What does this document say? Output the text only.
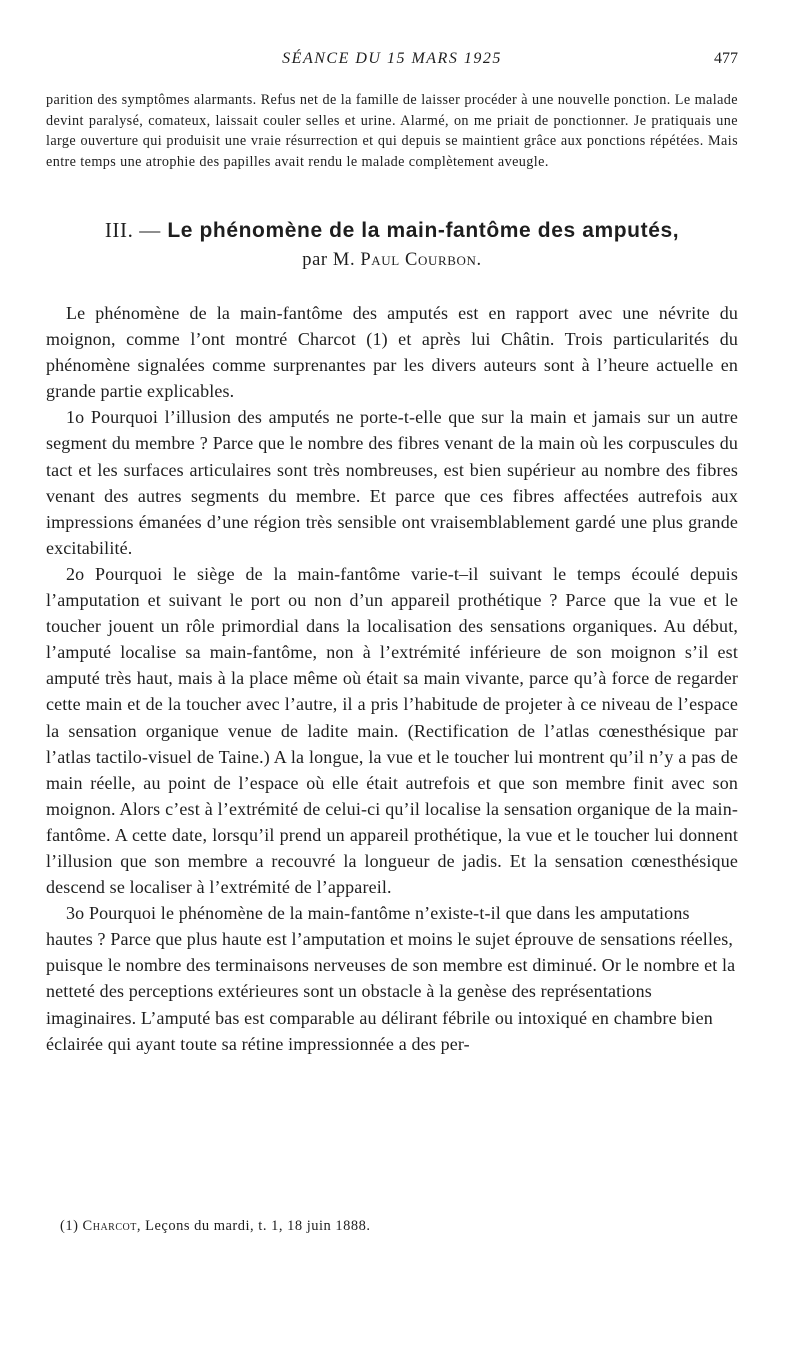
SÉANCE DU 15 MARS 1925	477

parition des symptômes alarmants. Refus net de la famille de laisser procéder à une nouvelle ponction. Le malade devint paralysé, comateux, laissait couler selles et urine. Alarmé, on me priait de ponctionner. Je pratiquais une large ouverture qui produisit une vraie résurrection et qui depuis se maintient grâce aux ponctions répétées. Mais entre temps une atrophie des papilles avait rendu le malade complètement aveugle.

III. — Le phénomène de la main-fantôme des amputés,
par M. Paul Courbon.

Le phénomène de la main-fantôme des amputés est en rapport avec une névrite du moignon, comme l’ont montré Charcot (1) et après lui Châtin. Trois particularités du phénomène signalées comme surprenantes par les divers auteurs sont à l’heure actuelle en grande partie explicables.

1o Pourquoi l’illusion des amputés ne porte-t-elle que sur la main et jamais sur un autre segment du membre ? Parce que le nombre des fibres venant de la main où les corpuscules du tact et les surfaces articulaires sont très nombreuses, est bien supérieur au nombre des fibres venant des autres segments du membre. Et parce que ces fibres affectées autrefois aux impressions émanées d’une région très sensible ont vraisemblablement gardé une plus grande excitabilité.

2o Pourquoi le siège de la main-fantôme varie-t–il suivant le temps écoulé depuis l’amputation et suivant le port ou non d’un appareil prothétique ? Parce que la vue et le toucher jouent un rôle primordial dans la localisation des sensations organiques. Au début, l’amputé localise sa main-fantôme, non à l’extrémité inférieure de son moignon s’il est amputé très haut, mais à la place même où était sa main vivante, parce qu’à force de regarder cette main et de la toucher avec l’autre, il a pris l’habitude de projeter à ce niveau de l’espace la sensation organique venue de ladite main. (Rectification de l’atlas cœnesthésique par l’atlas tactilo-visuel de Taine.) A la longue, la vue et le toucher lui montrent qu’il n’y a pas de main réelle, au point de l’espace où elle était autrefois et que son membre finit avec son moignon. Alors c’est à l’extrémité de celui-ci qu’il localise la sensation organique de la main-fantôme. A cette date, lorsqu’il prend un appareil prothétique, la vue et le toucher lui donnent l’illusion que son membre a recouvré la longueur de jadis. Et la sensation cœnesthésique descend se localiser à l’extrémité de l’appareil.

3o Pourquoi le phénomène de la main-fantôme n’existe-t-il que dans les amputations hautes ? Parce que plus haute est l’amputation et moins le sujet éprouve de sensations réelles, puisque le nombre des terminaisons nerveuses de son membre est diminué. Or le nombre et la netteté des perceptions extérieures sont un obstacle à la genèse des représentations imaginaires. L’amputé bas est comparable au délirant fébrile ou intoxiqué en chambre bien éclairée qui ayant toute sa rétine impressionnée a des per-

(1) Charcot, Leçons du mardi, t. 1, 18 juin 1888.
